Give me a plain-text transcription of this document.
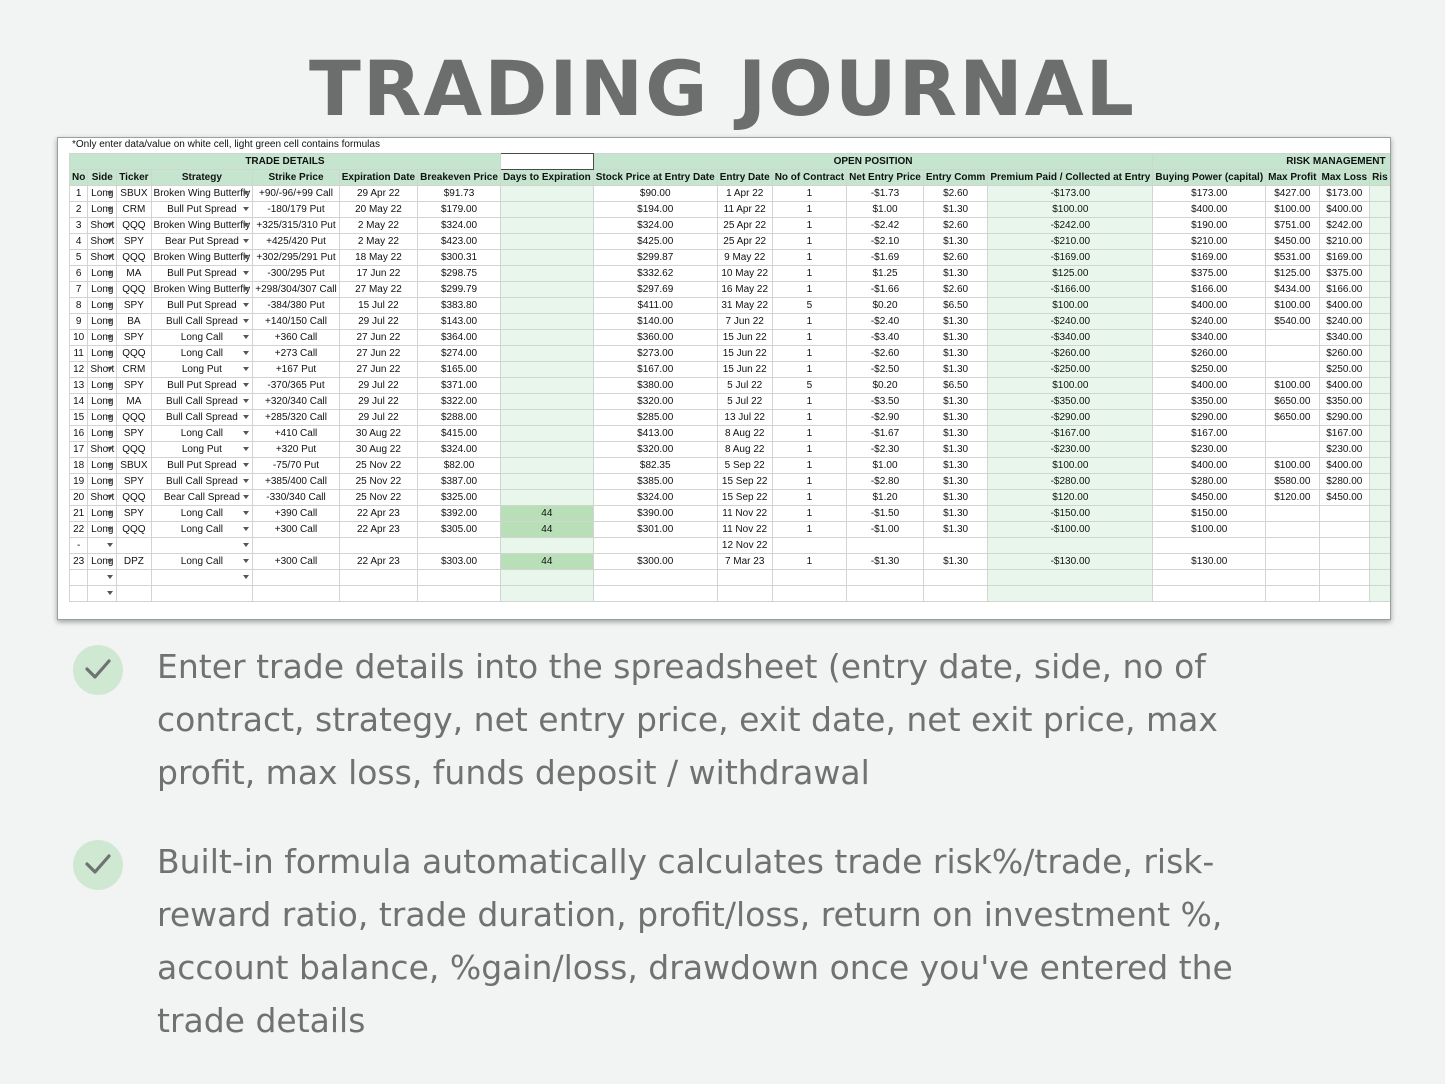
TRADING JOURNAL
*Only enter data/value on white cell, light green cell contains formulas
TRADE DETAILS								OPEN POSITION						RISK MANAGEMENT			
No	Side	Ticker	Strategy	Strike Price	Expiration Date	Breakeven Price	Days to Expiration	Stock Price at Entry Date	Entry Date	No of Contract	Net Entry Price	Entry Comm	Premium Paid / Collected at Entry	Buying Power (capital)	Max Profit	Max Loss	Ris
1	Long	SBUX	Broken Wing Butterfly	+90/-96/+99 Call	29 Apr 22	$91.73		$90.00	1 Apr 22	1	-$1.73	$2.60	-$173.00	$173.00	$427.00	$173.00	
2	Long	CRM	Bull Put Spread	-180/179 Put	20 May 22	$179.00		$194.00	11 Apr 22	1	$1.00	$1.30	$100.00	$400.00	$100.00	$400.00	
3	Short	QQQ	Broken Wing Butterfly	+325/315/310 Put	2 May 22	$324.00		$324.00	25 Apr 22	1	-$2.42	$2.60	-$242.00	$190.00	$751.00	$242.00	
4	Short	SPY	Bear Put Spread	+425/420 Put	2 May 22	$423.00		$425.00	25 Apr 22	1	-$2.10	$1.30	-$210.00	$210.00	$450.00	$210.00	
5	Short	QQQ	Broken Wing Butterfly	+302/295/291 Put	18 May 22	$300.31		$299.87	9 May 22	1	-$1.69	$2.60	-$169.00	$169.00	$531.00	$169.00	
6	Long	MA	Bull Put Spread	-300/295 Put	17 Jun 22	$298.75		$332.62	10 May 22	1	$1.25	$1.30	$125.00	$375.00	$125.00	$375.00	
7	Long	QQQ	Broken Wing Butterfly	+298/304/307 Call	27 May 22	$299.79		$297.69	16 May 22	1	-$1.66	$2.60	-$166.00	$166.00	$434.00	$166.00	
8	Long	SPY	Bull Put Spread	-384/380 Put	15 Jul 22	$383.80		$411.00	31 May 22	5	$0.20	$6.50	$100.00	$400.00	$100.00	$400.00	
9	Long	BA	Bull Call Spread	+140/150 Call	29 Jul 22	$143.00		$140.00	7 Jun 22	1	-$2.40	$1.30	-$240.00	$240.00	$540.00	$240.00	
10	Long	SPY	Long Call	+360 Call	27 Jun 22	$364.00		$360.00	15 Jun 22	1	-$3.40	$1.30	-$340.00	$340.00		$340.00	
11	Long	QQQ	Long Call	+273 Call	27 Jun 22	$274.00		$273.00	15 Jun 22	1	-$2.60	$1.30	-$260.00	$260.00		$260.00	
12	Short	CRM	Long Put	+167 Put	27 Jun 22	$165.00		$167.00	15 Jun 22	1	-$2.50	$1.30	-$250.00	$250.00		$250.00	
13	Long	SPY	Bull Put Spread	-370/365 Put	29 Jul 22	$371.00		$380.00	5 Jul 22	5	$0.20	$6.50	$100.00	$400.00	$100.00	$400.00	
14	Long	MA	Bull Call Spread	+320/340 Call	29 Jul 22	$322.00		$320.00	5 Jul 22	1	-$3.50	$1.30	-$350.00	$350.00	$650.00	$350.00	
15	Long	QQQ	Bull Call Spread	+285/320 Call	29 Jul 22	$288.00		$285.00	13 Jul 22	1	-$2.90	$1.30	-$290.00	$290.00	$650.00	$290.00	
16	Long	SPY	Long Call	+410 Call	30 Aug 22	$415.00		$413.00	8 Aug 22	1	-$1.67	$1.30	-$167.00	$167.00		$167.00	
17	Short	QQQ	Long Put	+320 Put	30 Aug 22	$324.00		$320.00	8 Aug 22	1	-$2.30	$1.30	-$230.00	$230.00		$230.00	
18	Long	SBUX	Bull Put Spread	-75/70 Put	25 Nov 22	$82.00		$82.35	5 Sep 22	1	$1.00	$1.30	$100.00	$400.00	$100.00	$400.00	
19	Long	SPY	Bull Call Spread	+385/400 Call	25 Nov 22	$387.00		$385.00	15 Sep 22	1	-$2.80	$1.30	-$280.00	$280.00	$580.00	$280.00	
20	Short	QQQ	Bear Call Spread	-330/340 Call	25 Nov 22	$325.00		$324.00	15 Sep 22	1	$1.20	$1.30	$120.00	$450.00	$120.00	$450.00	
21	Long	SPY	Long Call	+390 Call	22 Apr 23	$392.00	44	$390.00	11 Nov 22	1	-$1.50	$1.30	-$150.00	$150.00			
22	Long	QQQ	Long Call	+300 Call	22 Apr 23	$305.00	44	$301.00	11 Nov 22	1	-$1.00	$1.30	-$100.00	$100.00			
-									12 Nov 22								
23	Long	DPZ	Long Call	+300 Call	22 Apr 23	$303.00	44	$300.00	7 Mar 23	1	-$1.30	$1.30	-$130.00	$130.00			

Enter trade details into the spreadsheet (entry date, side, no of contract, strategy, net entry price, exit date, net exit price, max profit, max loss, funds deposit / withdrawal
Built-in formula automatically calculates trade risk%/trade, risk-reward ratio, trade duration, profit/loss, return on investment %, account balance, %gain/loss, drawdown once you've entered the trade details
